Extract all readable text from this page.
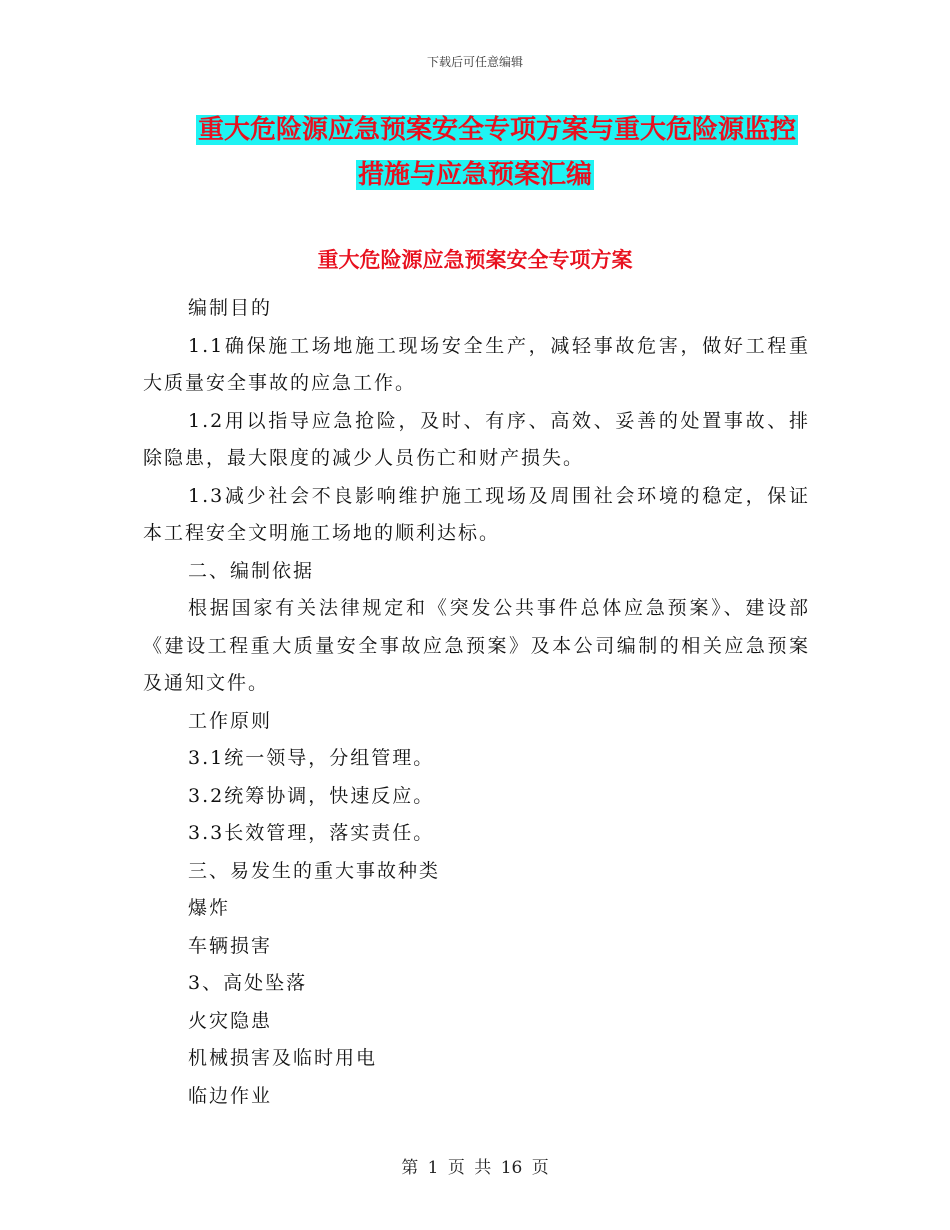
下载后可任意编辑
重大危险源应急预案安全专项方案与重大危险源监控
措施与应急预案汇编
重大危险源应急预案安全专项方案

编制目的

1.1确保施工场地施工现场安全生产，减轻事故危害，做好工程重大质量安全事故的应急工作。

1.2用以指导应急抢险，及时、有序、高效、妥善的处置事故、排除隐患，最大限度的减少人员伤亡和财产损失。

1.3减少社会不良影响维护施工现场及周围社会环境的稳定，保证本工程安全文明施工场地的顺利达标。

二、编制依据

根据国家有关法律规定和《突发公共事件总体应急预案》、建设部《建设工程重大质量安全事故应急预案》及本公司编制的相关应急预案及通知文件。

工作原则

3.1统一领导，分组管理。

3.2统筹协调，快速反应。

3.3长效管理，落实责任。

三、易发生的重大事故种类

爆炸

车辆损害

3、高处坠落

火灾隐患

机械损害及临时用电

临边作业

第 1 页 共 16 页
